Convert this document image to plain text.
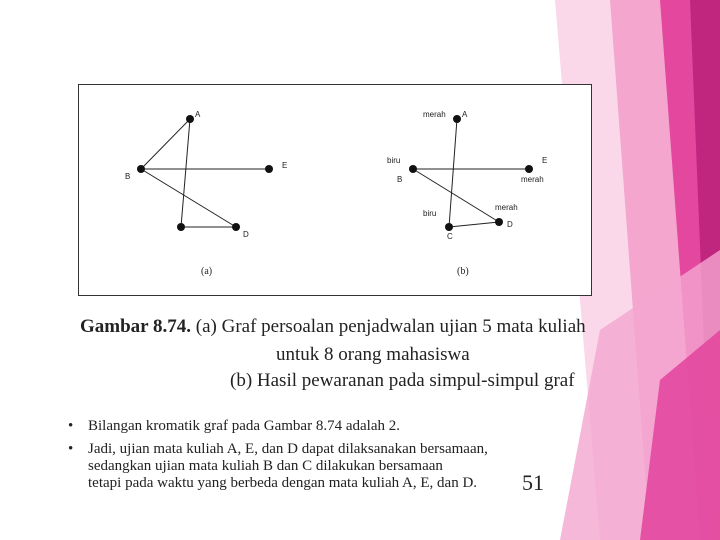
A
B
E
D
(a)
merah A
biru
B
E
merah
biru
C
merah
D
(b)
Gambar 8.74. (a) Graf persoalan penjadwalan ujian 5 mata kuliah
untuk 8 orang mahasiswa
(b) Hasil pewaranan pada simpul-simpul graf
• Bilangan kromatik graf pada Gambar 8.74 adalah 2.
• Jadi, ujian mata kuliah A, E, dan D dapat dilaksanakan bersamaan,
sedangkan ujian mata kuliah B dan C dilakukan bersamaan
tetapi pada waktu yang berbeda dengan mata kuliah A, E, dan D.	51
